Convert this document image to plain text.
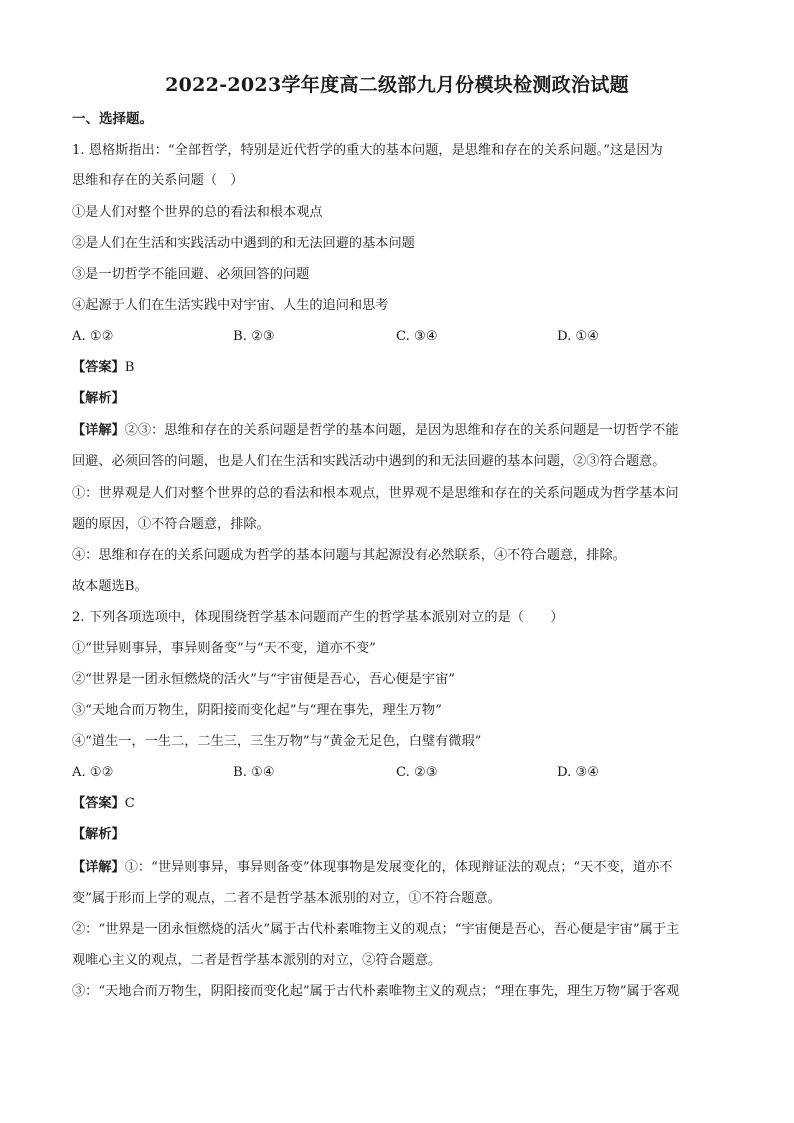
2022-2023学年度高二级部九月份模块检测政治试题
一、选择题。
1. 恩格斯指出：“全部哲学，特别是近代哲学的重大的基本问题，是思维和存在的关系问题。”这是因为
思维和存在的关系问题（　）
①是人们对整个世界的总的看法和根本观点
②是人们在生活和实践活动中遇到的和无法回避的基本问题
③是一切哲学不能回避、必须回答的问题
④起源于人们在生活实践中对宇宙、人生的追问和思考
A. ①②	B. ②③	C. ③④	D. ①④
【答案】B
【解析】
【详解】②③：思维和存在的关系问题是哲学的基本问题，是因为思维和存在的关系问题是一切哲学不能
回避、必须回答的问题，也是人们在生活和实践活动中遇到的和无法回避的基本问题，②③符合题意。
①：世界观是人们对整个世界的总的看法和根本观点，世界观不是思维和存在的关系问题成为哲学基本问
题的原因，①不符合题意，排除。
④：思维和存在的关系问题成为哲学的基本问题与其起源没有必然联系，④不符合题意，排除。
故本题选B。
2. 下列各项选项中，体现围绕哲学基本问题而产生的哲学基本派别对立的是（　　）
①“世异则事异，事异则备变”与“天不变，道亦不变”
②“世界是一团永恒燃烧的活火”与“宇宙便是吾心，吾心便是宇宙”
③“天地合而万物生，阴阳接而变化起”与“理在事先，理生万物”
④“道生一，一生二，二生三，三生万物”与“黄金无足色，白璧有微瑕”
A. ①②	B. ①④	C. ②③	D. ③④
【答案】C
【解析】
【详解】①：“世异则事异，事异则备变”体现事物是发展变化的，体现辩证法的观点；“天不变，道亦不
变”属于形而上学的观点，二者不是哲学基本派别的对立，①不符合题意。
②：“世界是一团永恒燃烧的活火”属于古代朴素唯物主义的观点；“宇宙便是吾心，吾心便是宇宙”属于主
观唯心主义的观点，二者是哲学基本派别的对立，②符合题意。
③：“天地合而万物生，阴阳接而变化起”属于古代朴素唯物主义的观点；“理在事先，理生万物”属于客观
